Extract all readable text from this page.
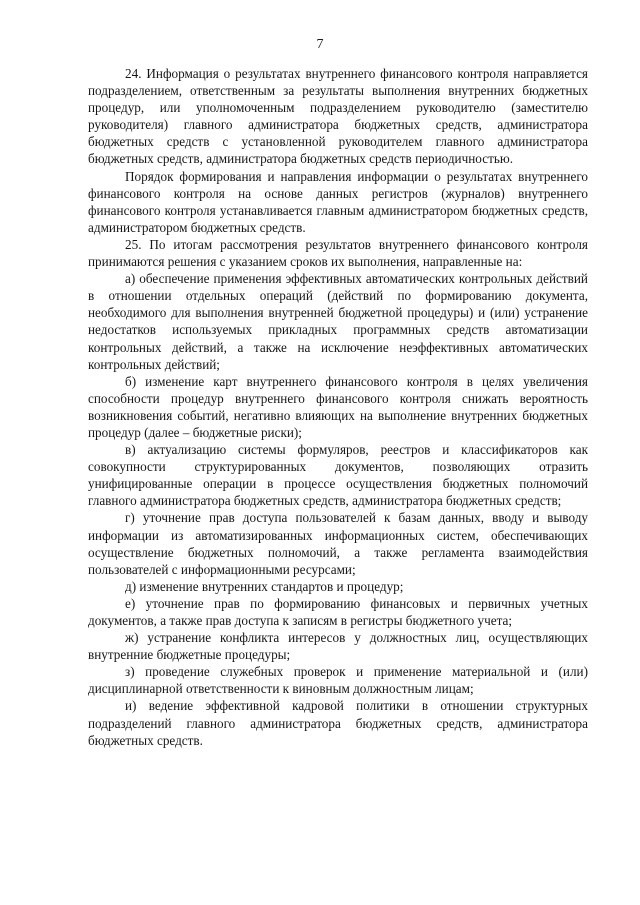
7

24. Информация о результатах внутреннего финансового контроля направляется подразделением, ответственным за результаты выполнения внутренних бюджетных процедур, или уполномоченным подразделением руководителю (заместителю руководителя) главного администратора бюджетных средств, администратора бюджетных средств с установленной руководителем главного администратора бюджетных средств, администратора бюджетных средств периодичностью.

Порядок формирования и направления информации о результатах внутреннего финансового контроля на основе данных регистров (журналов) внутреннего финансового контроля устанавливается главным администратором бюджетных средств, администратором бюджетных средств.

25. По итогам рассмотрения результатов внутреннего финансового контроля принимаются решения с указанием сроков их выполнения, направленные на:

а) обеспечение применения эффективных автоматических контрольных действий в отношении отдельных операций (действий по формированию документа, необходимого для выполнения внутренней бюджетной процедуры) и (или) устранение недостатков используемых прикладных программных средств автоматизации контрольных действий, а также на исключение неэффективных автоматических контрольных действий;

б) изменение карт внутреннего финансового контроля в целях увеличения способности процедур внутреннего финансового контроля снижать вероятность возникновения событий, негативно влияющих на выполнение внутренних бюджетных процедур (далее – бюджетные риски);

в) актуализацию системы формуляров, реестров и классификаторов как совокупности структурированных документов, позволяющих отразить унифицированные операции в процессе осуществления бюджетных полномочий главного администратора бюджетных средств, администратора бюджетных средств;

г) уточнение прав доступа пользователей к базам данных, вводу и выводу информации из автоматизированных информационных систем, обеспечивающих осуществление бюджетных полномочий, а также регламента взаимодействия пользователей с информационными ресурсами;

д) изменение внутренних стандартов и процедур;

е) уточнение прав по формированию финансовых и первичных учетных документов, а также прав доступа к записям в регистры бюджетного учета;

ж) устранение конфликта интересов у должностных лиц, осуществляющих внутренние бюджетные процедуры;

з) проведение служебных проверок и применение материальной и (или) дисциплинарной ответственности к виновным должностным лицам;

и) ведение эффективной кадровой политики в отношении структурных подразделений главного администратора бюджетных средств, администратора бюджетных средств.
